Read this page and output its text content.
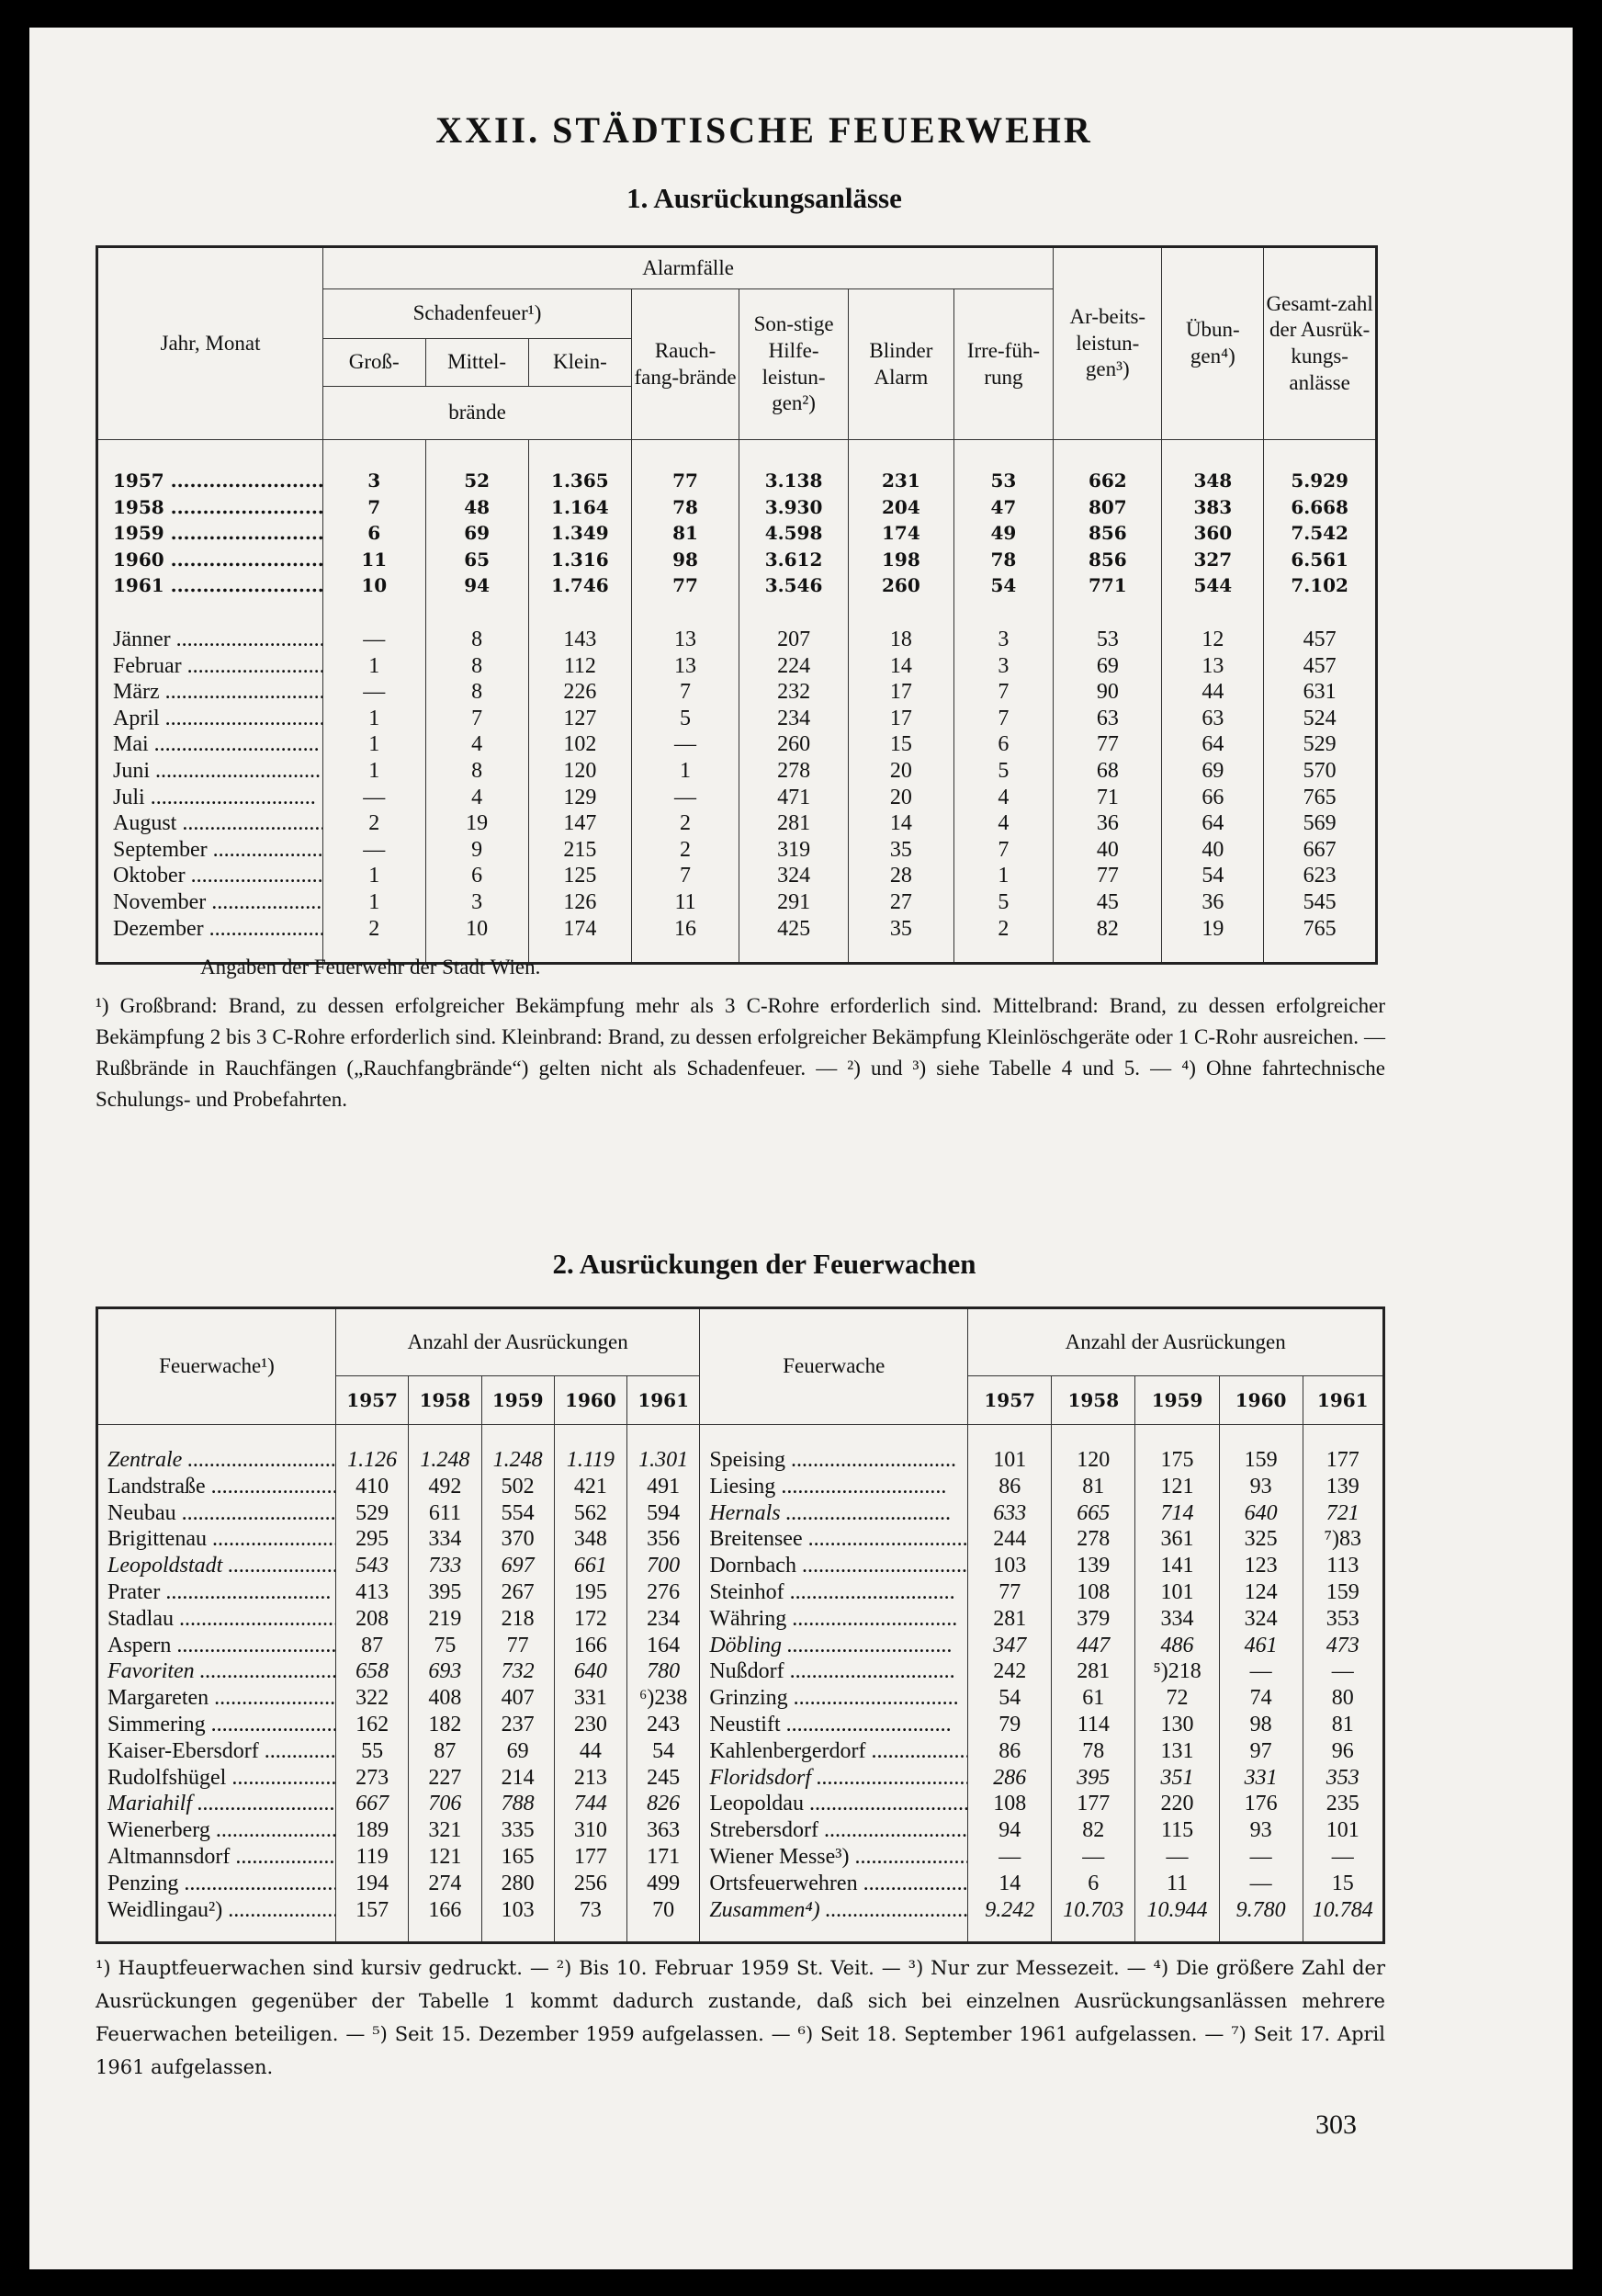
XXII. STÄDTISCHE FEUERWEHR
1. Ausrückungsanlässe
Jahr, Monat	Alarmfälle							Ar-beits-leistun-gen³)	Übun-gen⁴)	Gesamt-zahl der Ausrük-kungs-anlässe
	Schadenfeuer¹)			Rauch-fang-brände	Son-stige Hilfe-leistun-gen²)	Blinder Alarm	Irre-füh-rung			
	Groß-	Mittel-	Klein-							
	brände									

1957 .....	3	52	1.365	77	3.138	231	53	662	348	5.929
1958 .....	7	48	1.164	78	3.930	204	47	807	383	6.668
1959 .....	6	69	1.349	81	4.598	174	49	856	360	7.542
1960 .....	11	65	1.316	98	3.612	198	78	856	327	6.561
1961 .....	10	94	1.746	77	3.546	260	54	771	544	7.102

Jänner .....	—	8	143	13	207	18	3	53	12	457
Februar .....	1	8	112	13	224	14	3	69	13	457
März .....	—	8	226	7	232	17	7	90	44	631
April .....	1	7	127	5	234	17	7	63	63	524
Mai .....	1	4	102	—	260	15	6	77	64	529
Juni .....	1	8	120	1	278	20	5	68	69	570
Juli .....	—	4	129	—	471	20	4	71	66	765
August .....	2	19	147	2	281	14	4	36	64	569
September .....	—	9	215	2	319	35	7	40	40	667
Oktober .....	1	6	125	7	324	28	1	77	54	623
November .....	1	3	126	11	291	27	5	45	36	545
Dezember .....	2	10	174	16	425	35	2	82	19	765

Angaben der Feuerwehr der Stadt Wien.
¹) Großbrand: Brand, zu dessen erfolgreicher Bekämpfung mehr als 3 C-Rohre erforderlich sind. Mittelbrand: Brand, zu dessen erfolgreicher Bekämpfung 2 bis 3 C-Rohre erforderlich sind. Kleinbrand: Brand, zu dessen erfolgreicher Bekämpfung Kleinlöschgeräte oder 1 C-Rohr ausreichen. — Rußbrände in Rauchfängen („Rauchfangbrände“) gelten nicht als Schadenfeuer. — ²) und ³) siehe Tabelle 4 und 5. — ⁴) Ohne fahrtechnische Schulungs- und Probefahrten.
2. Ausrückungen der Feuerwachen
Feuerwache¹)	Anzahl der Ausrückungen					Feuerwache	Anzahl der Ausrückungen				
	1957	1958	1959	1960	1961		1957	1958	1959	1960	1961

Zentrale .....	1.126	1.248	1.248	1.119	1.301	Speising .....	101	120	175	159	177
Landstraße .....	410	492	502	421	491	Liesing .....	86	81	121	93	139
Neubau .....	529	611	554	562	594	Hernals .....	633	665	714	640	721
Brigittenau .....	295	334	370	348	356	Breitensee .....	244	278	361	325	⁷)83
Leopoldstadt .....	543	733	697	661	700	Dornbach .....	103	139	141	123	113
Prater .....	413	395	267	195	276	Steinhof .....	77	108	101	124	159
Stadlau .....	208	219	218	172	234	Währing .....	281	379	334	324	353
Aspern .....	87	75	77	166	164	Döbling .....	347	447	486	461	473
Favoriten .....	658	693	732	640	780	Nußdorf .....	242	281	⁵)218	—	—
Margareten .....	322	408	407	331	⁶)238	Grinzing .....	54	61	72	74	80
Simmering .....	162	182	237	230	243	Neustift .....	79	114	130	98	81
Kaiser-Ebersdorf .....	55	87	69	44	54	Kahlenbergerdorf .....	86	78	131	97	96
Rudolfshügel .....	273	227	214	213	245	Floridsdorf .....	286	395	351	331	353
Mariahilf .....	667	706	788	744	826	Leopoldau .....	108	177	220	176	235
Wienerberg .....	189	321	335	310	363	Strebersdorf .....	94	82	115	93	101
Altmannsdorf .....	119	121	165	177	171	Wiener Messe³) .....	—	—	—	—	—
Penzing .....	194	274	280	256	499	Ortsfeuerwehren .....	14	6	11	—	15
Weidlingau²) .....	157	166	103	73	70	Zusammen⁴) .....	9.242	10.703	10.944	9.780	10.784

¹) Hauptfeuerwachen sind kursiv gedruckt. — ²) Bis 10. Februar 1959 St. Veit. — ³) Nur zur Messezeit. — ⁴) Die größere Zahl der Ausrückungen gegenüber der Tabelle 1 kommt dadurch zustande, daß sich bei einzelnen Ausrückungsanlässen mehrere Feuerwachen beteiligen. — ⁵) Seit 15. Dezember 1959 aufgelassen. — ⁶) Seit 18. September 1961 aufgelassen. — ⁷) Seit 17. April 1961 aufgelassen.
303
